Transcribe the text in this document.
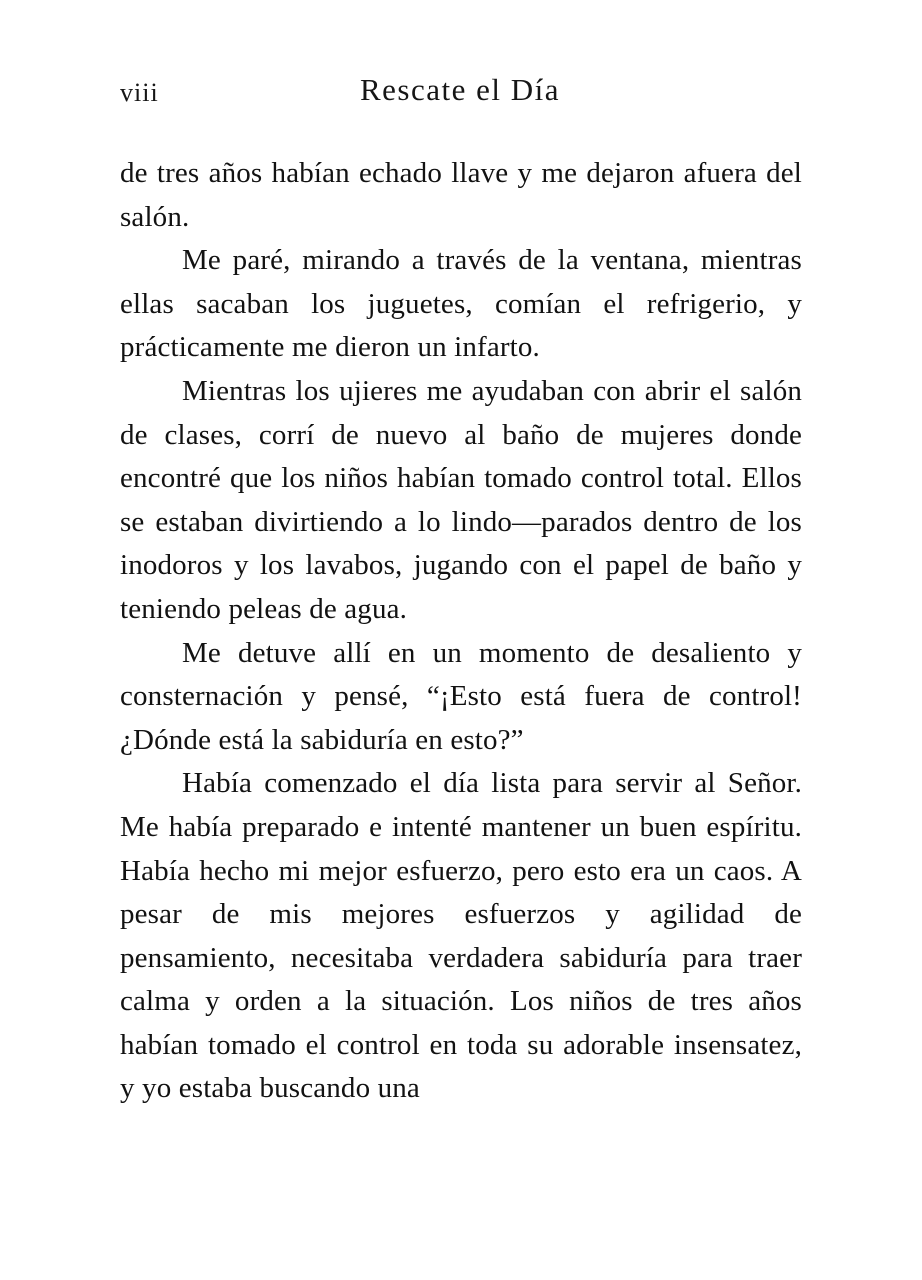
viii	Rescate el Día

de tres años habían echado llave y me dejaron afuera del salón.

Me paré, mirando a través de la ventana, mientras ellas sacaban los juguetes, comían el refrigerio, y prácticamente me dieron un infarto.

Mientras los ujieres me ayudaban con abrir el salón de clases, corrí de nuevo al baño de mujeres donde encontré que los niños habían tomado control total. Ellos se estaban divirtiendo a lo lindo—parados dentro de los inodoros y los lavabos, jugando con el papel de baño y teniendo peleas de agua.

Me detuve allí en un momento de desaliento y consternación y pensé, “¡Esto está fuera de control! ¿Dónde está la sabiduría en esto?”

Había comenzado el día lista para servir al Señor. Me había preparado e intenté mantener un buen espíritu. Había hecho mi mejor esfuerzo, pero esto era un caos. A pesar de mis mejores esfuerzos y agilidad de pensamiento, necesitaba verdadera sabiduría para traer calma y orden a la situación. Los niños de tres años habían tomado el control en toda su adorable insensatez, y yo estaba buscando una
